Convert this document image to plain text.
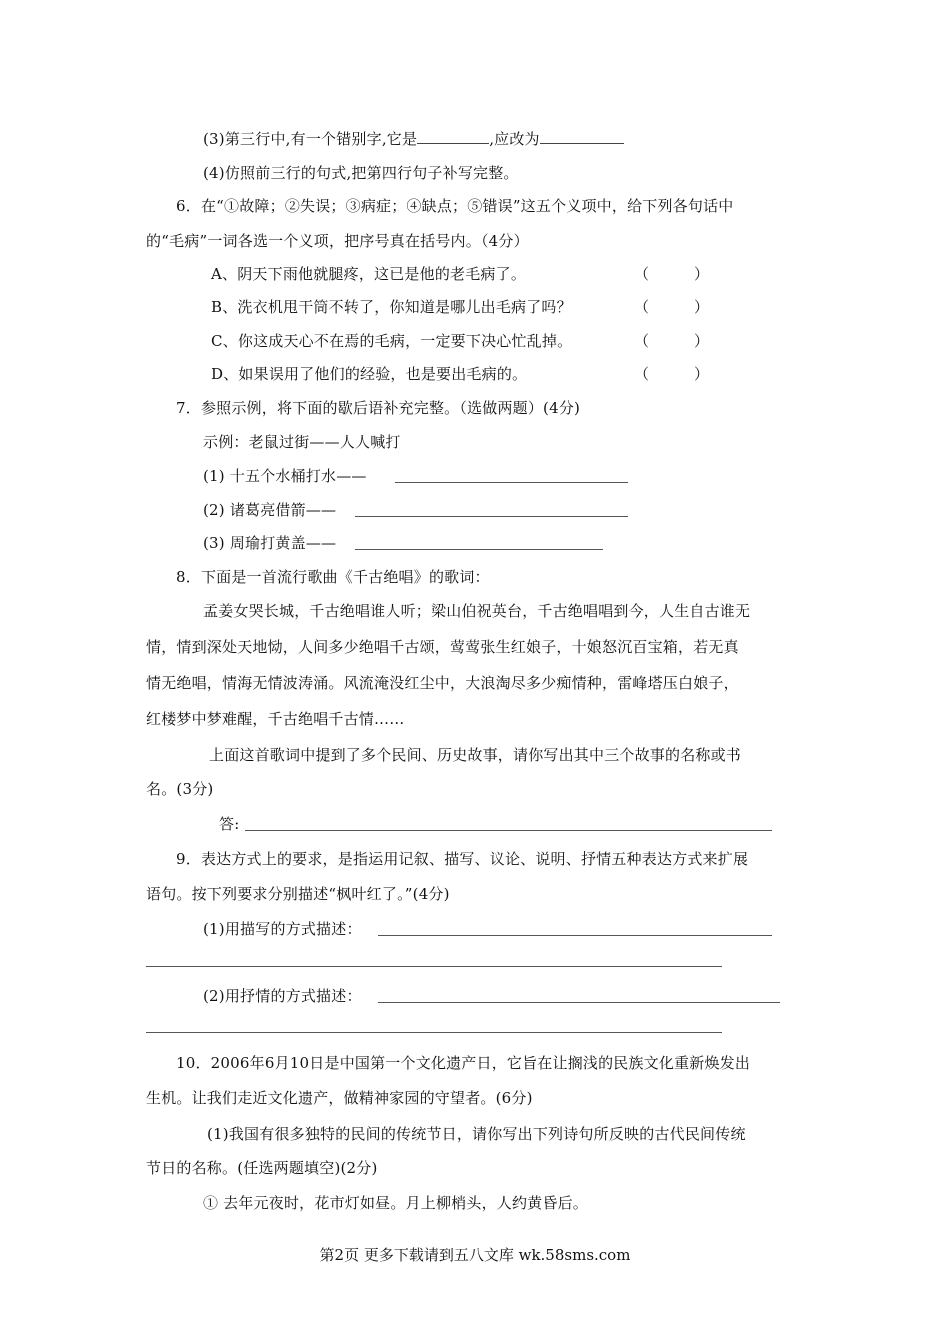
(3)第三行中,有一个错别字,它是	,应改为
(4)仿照前三行的句式,把第四行句子补写完整。
6．在“①故障；②失误；③病症；④缺点；⑤错误”这五个义项中，给下列各句话中
的“毛病”一词各选一个义项，把序号真在括号内。（4分）
A、阴天下雨他就腿疼，这已是他的老毛病了。	（	）
B、洗衣机甩干筒不转了，你知道是哪儿出毛病了吗？	（	）
C、你这成天心不在焉的毛病，一定要下决心忙乱掉。	（	）
D、如果误用了他们的经验，也是要出毛病的。	（	）
7．参照示例，将下面的歇后语补充完整。（选做两题）(4分)
示例：老鼠过街——人人喊打
(1) 十五个水桶打水——
(2) 诸葛亮借箭——
(3) 周瑜打黄盖——
8．下面是一首流行歌曲《千古绝唱》的歌词：
孟姜女哭长城，千古绝唱谁人听；梁山伯祝英台，千古绝唱唱到今，人生自古谁无
情，情到深处天地恸，人间多少绝唱千古颂，莺莺张生红娘子，十娘怒沉百宝箱，若无真
情无绝唱，情海无情波涛涌。风流淹没红尘中，大浪淘尽多少痴情种，雷峰塔压白娘子，
红楼梦中梦难醒，千古绝唱千古情……
上面这首歌词中提到了多个民间、历史故事，请你写出其中三个故事的名称或书
名。(3分)
答:
9．表达方式上的要求，是指运用记叙、描写、议论、说明、抒情五种表达方式来扩展
语句。按下列要求分别描述“枫叶红了。”(4分)
(1)用描写的方式描述：
(2)用抒情的方式描述：
10．2006年6月10日是中国第一个文化遗产日，它旨在让搁浅的民族文化重新焕发出
生机。让我们走近文化遗产，做精神家园的守望者。(6分)
(1)我国有很多独特的民间的传统节日，请你写出下列诗句所反映的古代民间传统
节日的名称。(任选两题填空)(2分)
① 去年元夜时，花市灯如昼。月上柳梢头，人约黄昏后。
第2页 更多下载请到五八文库 wk.58sms.com
